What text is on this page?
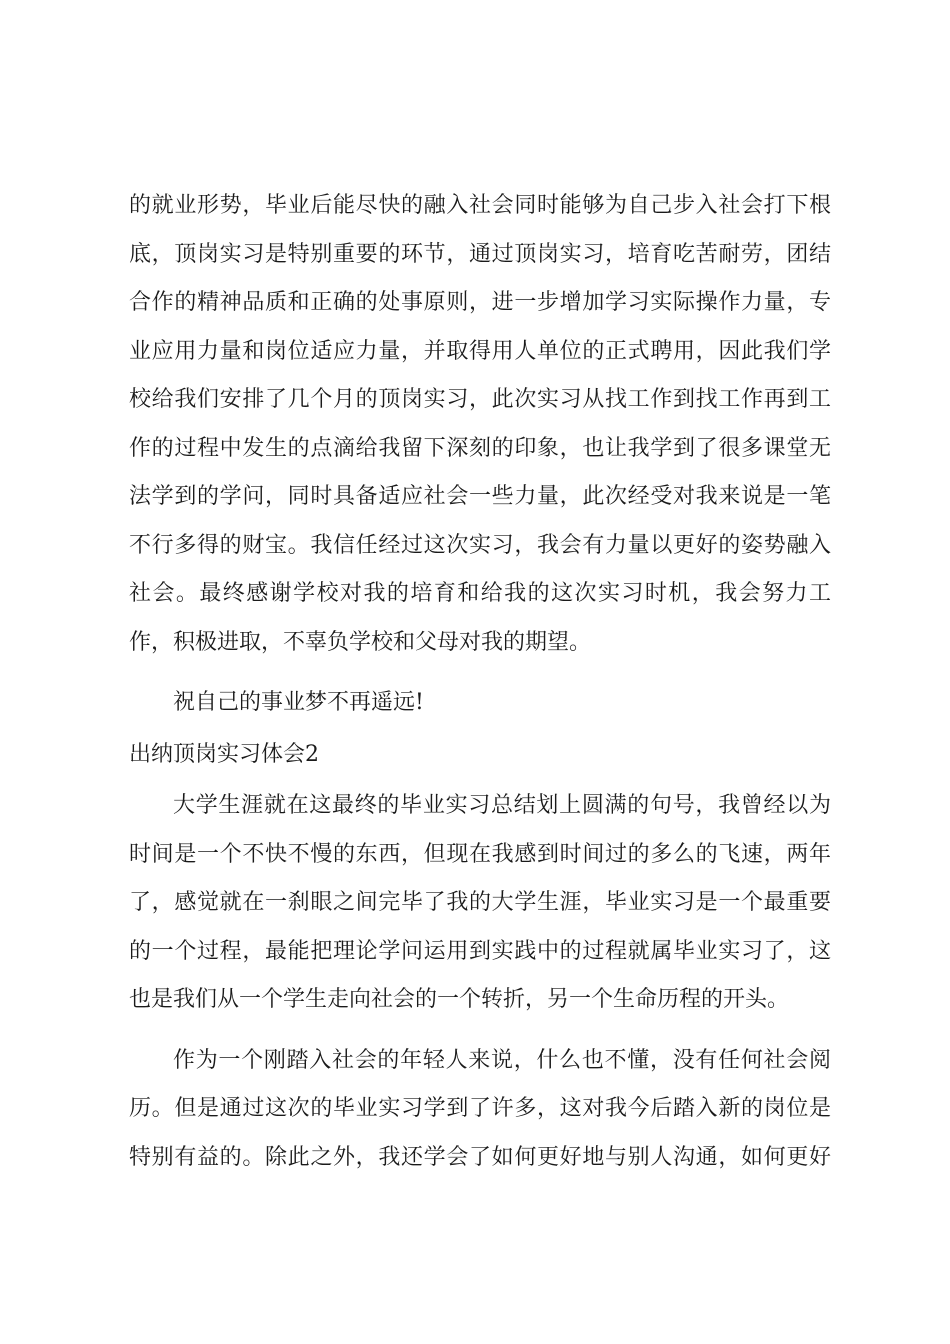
的就业形势，毕业后能尽快的融入社会同时能够为自己步入社会打下根
底，顶岗实习是特别重要的环节，通过顶岗实习，培育吃苦耐劳，团结
合作的精神品质和正确的处事原则，进一步增加学习实际操作力量，专
业应用力量和岗位适应力量，并取得用人单位的正式聘用，因此我们学
校给我们安排了几个月的顶岗实习，此次实习从找工作到找工作再到工
作的过程中发生的点滴给我留下深刻的印象，也让我学到了很多课堂无
法学到的学问，同时具备适应社会一些力量，此次经受对我来说是一笔
不行多得的财宝。我信任经过这次实习，我会有力量以更好的姿势融入
社会。最终感谢学校对我的培育和给我的这次实习时机，我会努力工
作，积极进取，不辜负学校和父母对我的期望。
祝自己的事业梦不再遥远!
出纳顶岗实习体会2
大学生涯就在这最终的毕业实习总结划上圆满的句号，我曾经以为
时间是一个不快不慢的东西，但现在我感到时间过的多么的飞速，两年
了，感觉就在一刹眼之间完毕了我的大学生涯，毕业实习是一个最重要
的一个过程，最能把理论学问运用到实践中的过程就属毕业实习了，这
也是我们从一个学生走向社会的一个转折，另一个生命历程的开头。
作为一个刚踏入社会的年轻人来说，什么也不懂，没有任何社会阅
历。但是通过这次的毕业实习学到了许多，这对我今后踏入新的岗位是
特别有益的。除此之外，我还学会了如何更好地与别人沟通，如何更好
